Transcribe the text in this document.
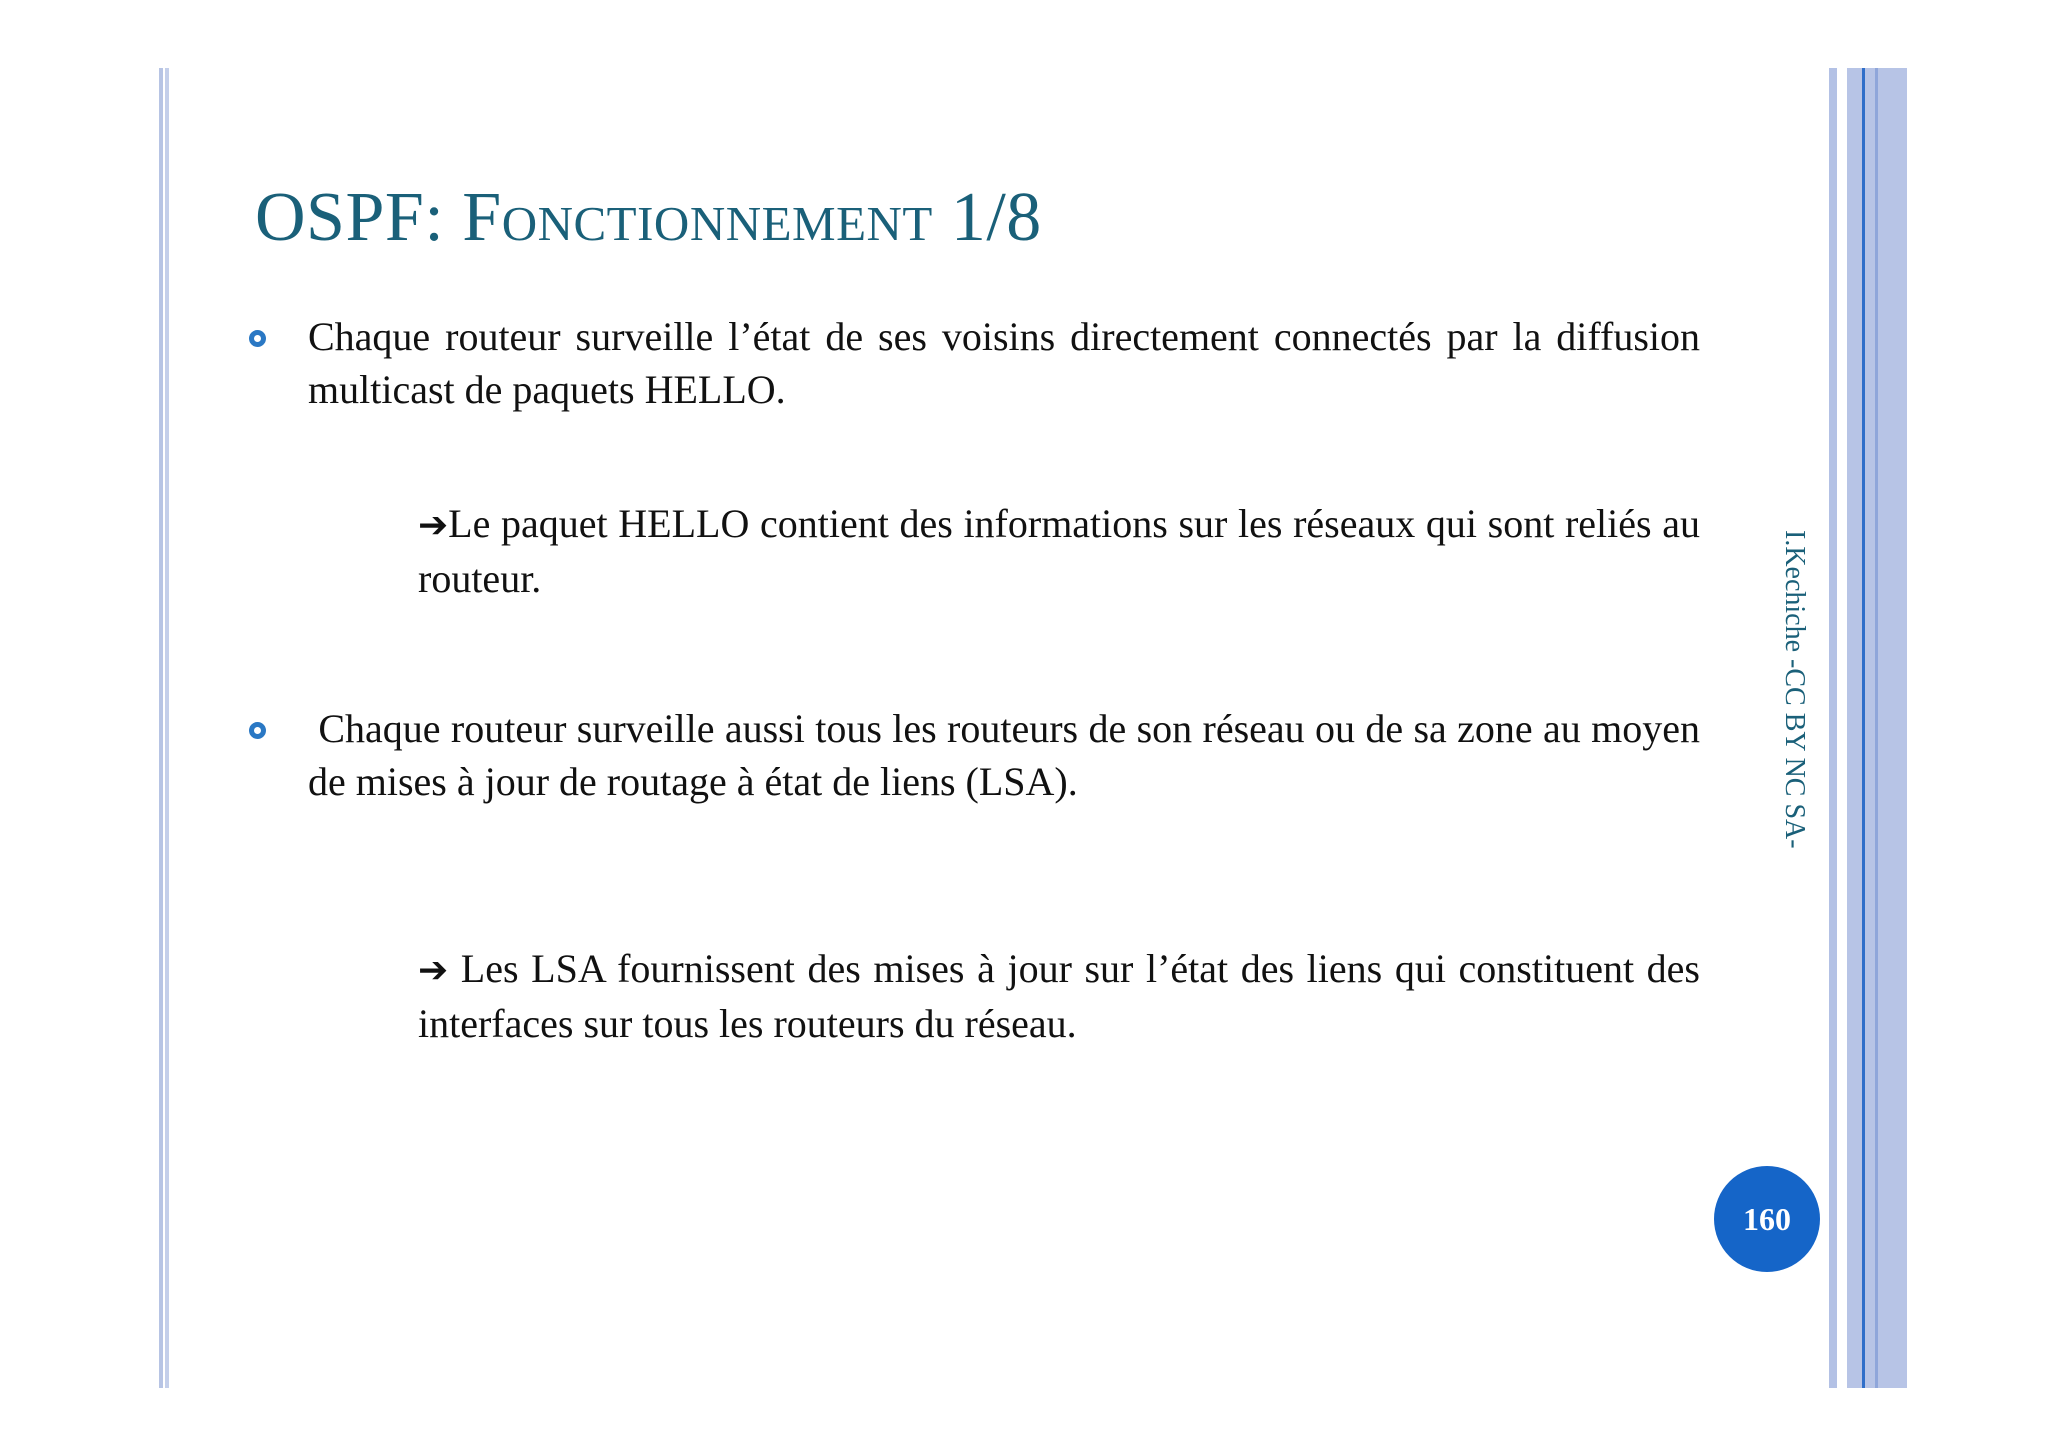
OSPF: Fonctionnement 1/8
Chaque routeur surveille l’état de ses voisins directement connectés par la diffusion multicast de paquets HELLO.
➔Le paquet HELLO contient des informations sur les réseaux qui sont reliés au routeur.
Chaque routeur surveille aussi tous les routeurs de son réseau ou de sa zone au moyen de mises à jour de routage à état de liens (LSA).
➔ Les LSA fournissent des mises à jour sur l’état des liens qui constituent des interfaces sur tous les routeurs du réseau.
I.Kechiche -CC BY NC SA-
160
